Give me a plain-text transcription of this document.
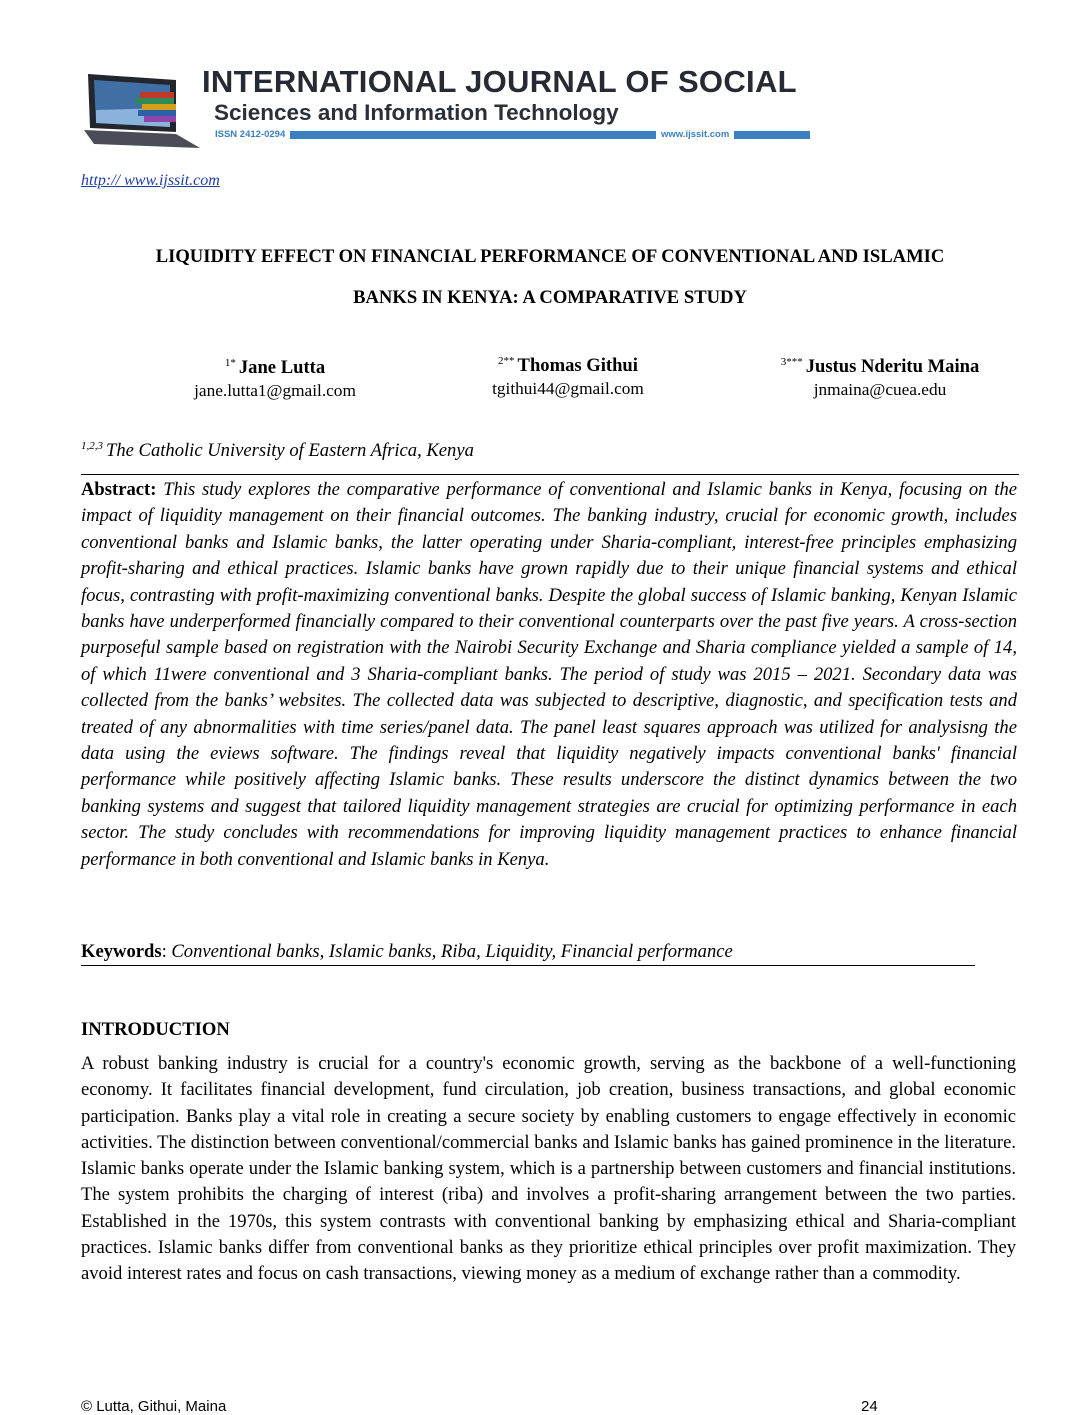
INTERNATIONAL JOURNAL OF SOCIAL
Sciences and Information Technology
ISSN 2412-0294	www.ijssit.com
http:// www.ijssit.com
LIQUIDITY EFFECT ON FINANCIAL PERFORMANCE OF CONVENTIONAL AND ISLAMIC
BANKS IN KENYA: A COMPARATIVE STUDY
$^{1*}$ Jane Lutta
jane.lutta1@gmail.com
$^{2**}$ Thomas Githui
tgithui44@gmail.com
$^{3***}$ Justus Nderitu Maina
jnmaina@cuea.edu
$^{1,2,3}$ The Catholic University of Eastern Africa, Kenya

Abstract: This study explores the comparative performance of conventional and Islamic banks in Kenya, focusing on the impact of liquidity management on their financial outcomes. The banking industry, crucial for economic growth, includes conventional banks and Islamic banks, the latter operating under Sharia-compliant, interest-free principles emphasizing profit-sharing and ethical practices. Islamic banks have grown rapidly due to their unique financial systems and ethical focus, contrasting with profit-maximizing conventional banks. Despite the global success of Islamic banking, Kenyan Islamic banks have underperformed financially compared to their conventional counterparts over the past five years. A cross-section purposeful sample based on registration with the Nairobi Security Exchange and Sharia compliance yielded a sample of 14, of which 11were conventional and 3 Sharia-compliant banks. The period of study was 2015 – 2021. Secondary data was collected from the banks’ websites. The collected data was subjected to descriptive, diagnostic, and specification tests and treated of any abnormalities with time series/panel data. The panel least squares approach was utilized for analysisng the data using the eviews software. The findings reveal that liquidity negatively impacts conventional banks' financial performance while positively affecting Islamic banks. These results underscore the distinct dynamics between the two banking systems and suggest that tailored liquidity management strategies are crucial for optimizing performance in each sector. The study concludes with recommendations for improving liquidity management practices to enhance financial performance in both conventional and Islamic banks in Kenya.

Keywords: Conventional banks, Islamic banks, Riba, Liquidity, Financial performance
INTRODUCTION

A robust banking industry is crucial for a country's economic growth, serving as the backbone of a well-functioning economy. It facilitates financial development, fund circulation, job creation, business transactions, and global economic participation. Banks play a vital role in creating a secure society by enabling customers to engage effectively in economic activities. The distinction between conventional/commercial banks and Islamic banks has gained prominence in the literature. Islamic banks operate under the Islamic banking system, which is a partnership between customers and financial institutions. The system prohibits the charging of interest (riba) and involves a profit-sharing arrangement between the two parties. Established in the 1970s, this system contrasts with conventional banking by emphasizing ethical and Sharia-compliant practices. Islamic banks differ from conventional banks as they prioritize ethical principles over profit maximization. They avoid interest rates and focus on cash transactions, viewing money as a medium of exchange rather than a commodity.

© Lutta, Githui, Maina	24
